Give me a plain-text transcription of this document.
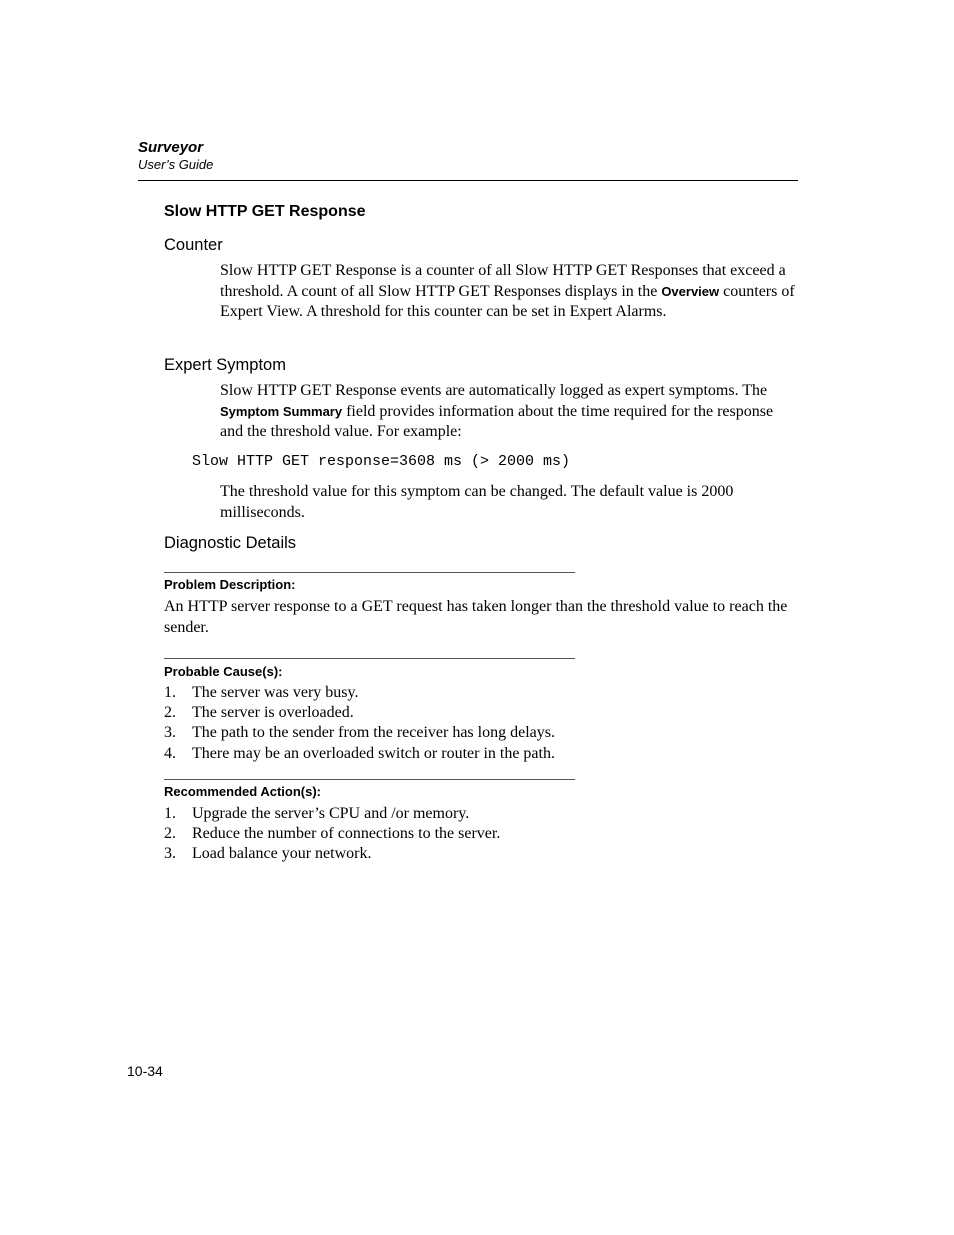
Surveyor
User’s Guide
Slow HTTP GET Response
Counter

Slow HTTP GET Response is a counter of all Slow HTTP GET Responses that exceed a threshold. A count of all Slow HTTP GET Responses displays in the Overview counters of Expert View. A threshold for this counter can be set in Expert Alarms.

Expert Symptom

Slow HTTP GET Response events are automatically logged as expert symptoms. The Symptom Summary field provides information about the time required for the response and the threshold value. For example:

Slow HTTP GET response=3608 ms (> 2000 ms)

The threshold value for this symptom can be changed. The default value is 2000 milliseconds.

Diagnostic Details
Problem Description:
An HTTP server response to a GET request has taken longer than the threshold value to reach the sender.
Probable Cause(s):
1. The server was very busy.
2. The server is overloaded.
3. The path to the sender from the receiver has long delays.
4. There may be an overloaded switch or router in the path.
Recommended Action(s):
1. Upgrade the server’s CPU and /or memory.
2. Reduce the number of connections to the server.
3. Load balance your network.
10-34
